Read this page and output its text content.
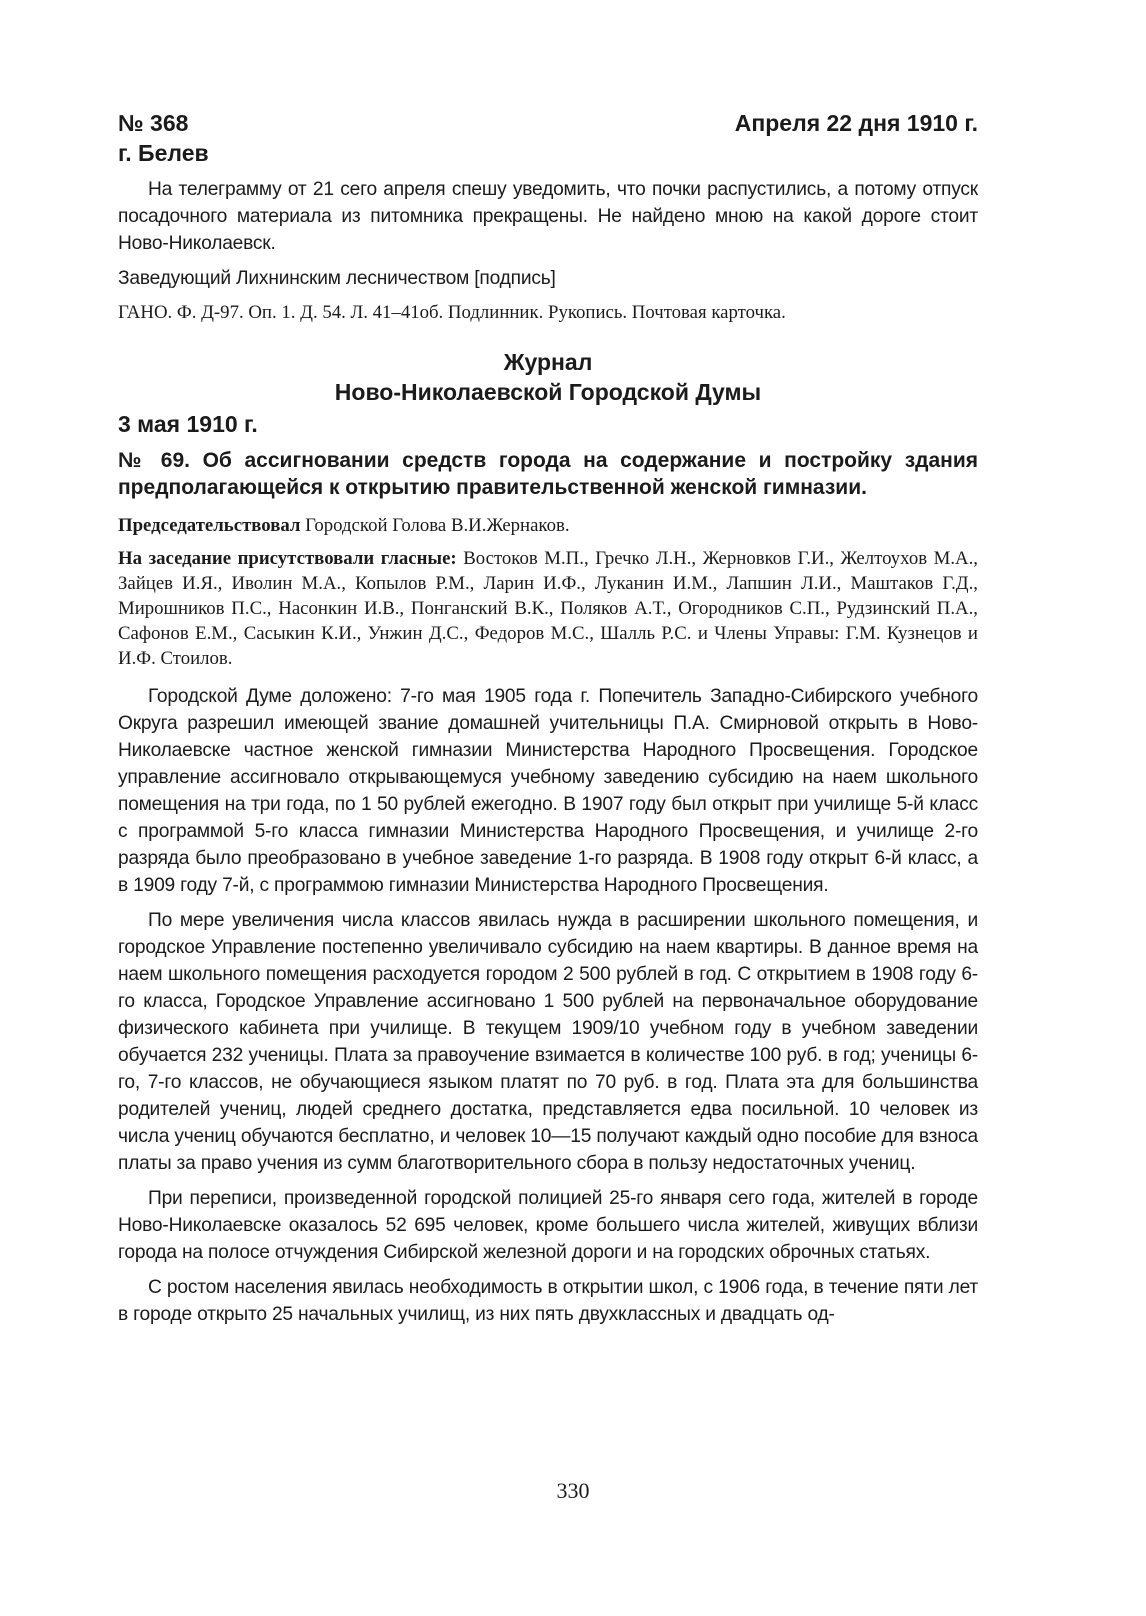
№ 368	Апреля 22 дня 1910 г.
г. Белев

На телеграмму от 21 сего апреля спешу уведомить, что почки распустились, а потому отпуск посадочного материала из питомника прекращены. Не найдено мною на какой дороге стоит Ново-Николаевск.

Заведующий Лихнинским лесничеством [подпись]

ГАНО. Ф. Д-97. Оп. 1. Д. 54. Л. 41–41об. Подлинник. Рукопись. Почтовая карточка.

Журнал
Ново-Николаевской Городской Думы
3 мая 1910 г.
№ 69. Об ассигновании средств города на содержание и постройку здания предполагающейся к открытию правительственной женской гимназии.

Председательствовал Городской Голова В.И.Жернаков.

На заседание присутствовали гласные: Востоков М.П., Гречко Л.Н., Жерновков Г.И., Желтоухов М.А., Зайцев И.Я., Иволин М.А., Копылов Р.М., Ларин И.Ф., Луканин И.М., Лапшин Л.И., Маштаков Г.Д., Мирошников П.С., Насонкин И.В., Понганский В.К., Поляков А.Т., Огородников С.П., Рудзинский П.А., Сафонов Е.М., Сасыкин К.И., Унжин Д.С., Федоров М.С., Шалль Р.С. и Члены Управы: Г.М. Кузнецов и И.Ф. Стоилов.

Городской Думе доложено: 7-го мая 1905 года г. Попечитель Западно-Сибирского учебного Округа разрешил имеющей звание домашней учительницы П.А. Смирновой открыть в Ново-Николаевске частное женской гимназии Министерства Народного Просвещения. Городское управление ассигновало открывающемуся учебному заведению субсидию на наем школьного помещения на три года, по 1 50 рублей ежегодно. В 1907 году был открыт при училище 5-й класс с программой 5-го класса гимназии Министерства Народного Просвещения, и училище 2-го разряда было преобразовано в учебное заведение 1-го разряда. В 1908 году открыт 6-й класс, а в 1909 году 7-й, с программою гимназии Министерства Народного Просвещения.

По мере увеличения числа классов явилась нужда в расширении школьного помещения, и городское Управление постепенно увеличивало субсидию на наем квартиры. В данное время на наем школьного помещения расходуется городом 2 500 рублей в год. С открытием в 1908 году 6-го класса, Городское Управление ассигновано 1 500 рублей на первоначальное оборудование физического кабинета при училище. В текущем 1909/10 учебном году в учебном заведении обучается 232 ученицы. Плата за правоучение взимается в количестве 100 руб. в год; ученицы 6-го, 7-го классов, не обучающиеся языком платят по 70 руб. в год. Плата эта для большинства родителей учениц, людей среднего достатка, представляется едва посильной. 10 человек из числа учениц обучаются бесплатно, и человек 10—15 получают каждый одно пособие для взноса платы за право учения из сумм благотворительного сбора в пользу недостаточных учениц.

При переписи, произведенной городской полицией 25-го января сего года, жителей в городе Ново-Николаевске оказалось 52 695 человек, кроме большего числа жителей, живущих вблизи города на полосе отчуждения Сибирской железной дороги и на городских оброчных статьях.

С ростом населения явилась необходимость в открытии школ, с 1906 года, в течение пяти лет в городе открыто 25 начальных училищ, из них пять двухклассных и двадцать од-

330
